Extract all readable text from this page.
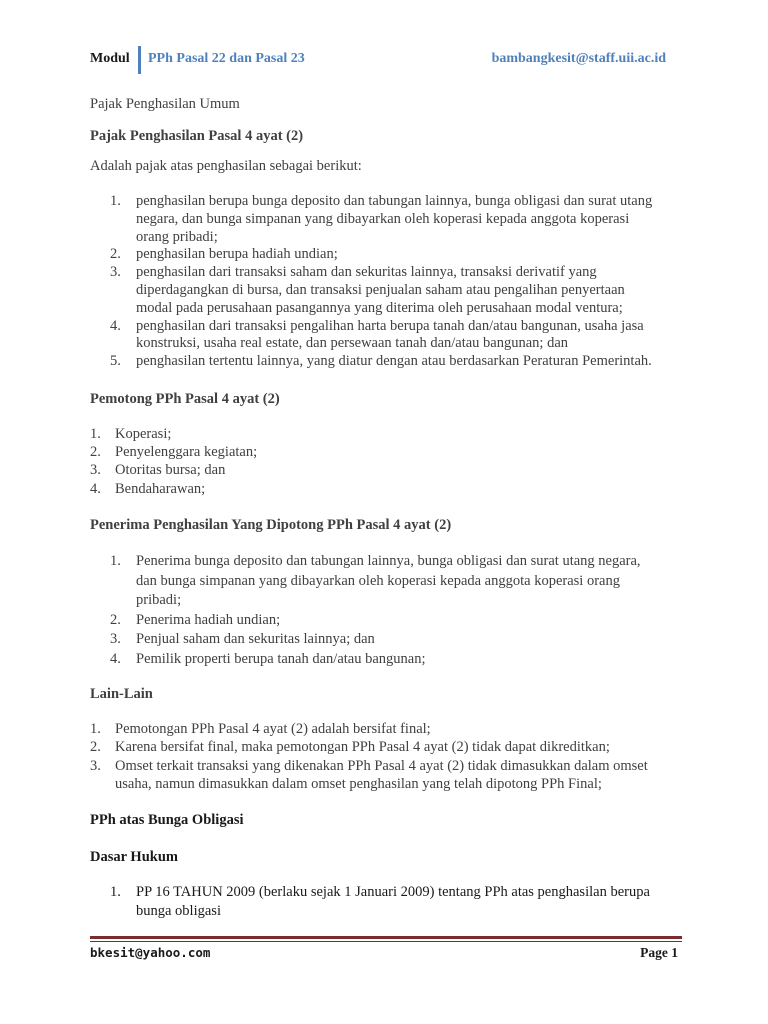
Modul PPh Pasal 22 dan Pasal 23	bambangkesit@staff.uii.ac.id
Pajak Penghasilan Umum
Pajak Penghasilan Pasal 4 ayat (2)
Adalah pajak atas penghasilan sebagai berikut:
1. penghasilan berupa bunga deposito dan tabungan lainnya, bunga obligasi dan surat utang
negara, dan bunga simpanan yang dibayarkan oleh koperasi kepada anggota koperasi
orang pribadi;
2. penghasilan berupa hadiah undian;
3. penghasilan dari transaksi saham dan sekuritas lainnya, transaksi derivatif yang
diperdagangkan di bursa, dan transaksi penjualan saham atau pengalihan penyertaan
modal pada perusahaan pasangannya yang diterima oleh perusahaan modal ventura;
4. penghasilan dari transaksi pengalihan harta berupa tanah dan/atau bangunan, usaha jasa
konstruksi, usaha real estate, dan persewaan tanah dan/atau bangunan; dan
5. penghasilan tertentu lainnya, yang diatur dengan atau berdasarkan Peraturan Pemerintah.
Pemotong PPh Pasal 4 ayat (2)
1. Koperasi;
2. Penyelenggara kegiatan;
3. Otoritas bursa; dan
4. Bendaharawan;
Penerima Penghasilan Yang Dipotong PPh Pasal 4 ayat (2)
1. Penerima bunga deposito dan tabungan lainnya, bunga obligasi dan surat utang negara,
dan bunga simpanan yang dibayarkan oleh koperasi kepada anggota koperasi orang
pribadi;
2. Penerima hadiah undian;
3. Penjual saham dan sekuritas lainnya; dan
4. Pemilik properti berupa tanah dan/atau bangunan;
Lain-Lain
1. Pemotongan PPh Pasal 4 ayat (2) adalah bersifat final;
2. Karena bersifat final, maka pemotongan PPh Pasal 4 ayat (2) tidak dapat dikreditkan;
3. Omset terkait transaksi yang dikenakan PPh Pasal 4 ayat (2) tidak dimasukkan dalam omset
usaha, namun dimasukkan dalam omset penghasilan yang telah dipotong PPh Final;
PPh atas Bunga Obligasi
Dasar Hukum
1. PP 16 TAHUN 2009 (berlaku sejak 1 Januari 2009) tentang PPh atas penghasilan berupa
bunga obligasi
bkesit@yahoo.com	Page 1
